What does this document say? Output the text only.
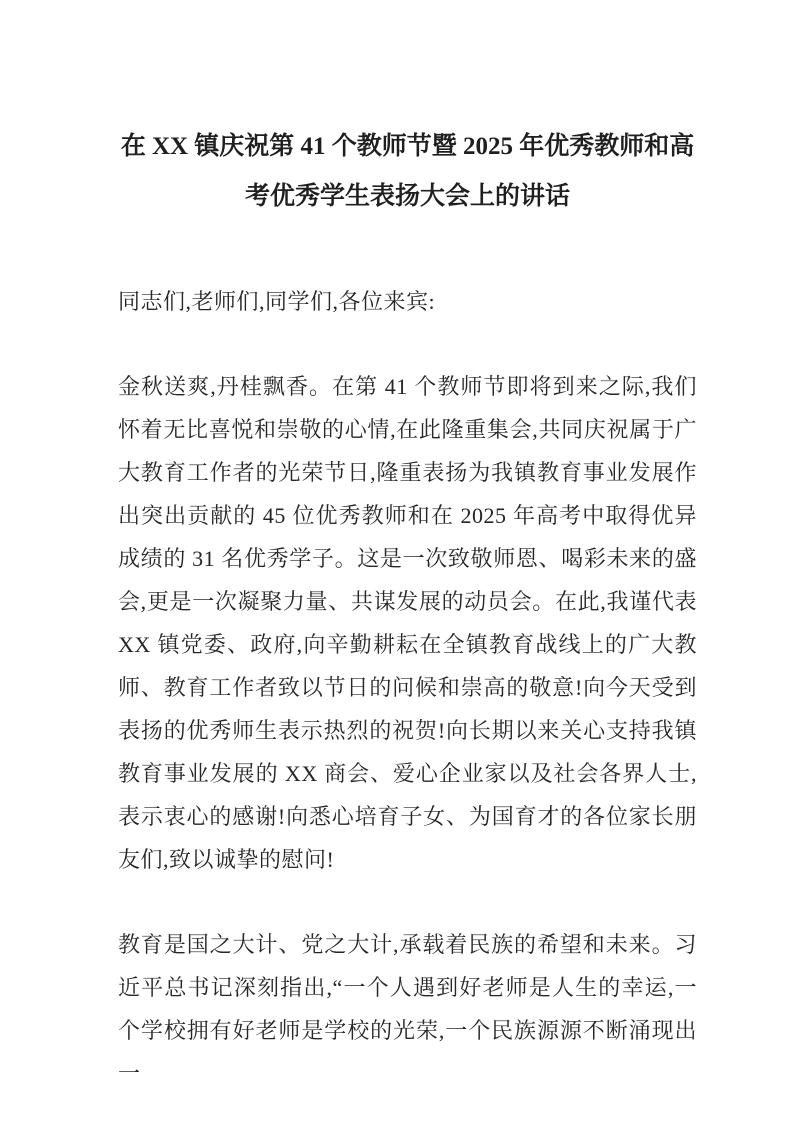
在 XX 镇庆祝第 41 个教师节暨 2025 年优秀教师和高
考优秀学生表扬大会上的讲话

同志们,老师们,同学们,各位来宾:

金秋送爽,丹桂飘香。在第 41 个教师节即将到来之际,我们怀着无比喜悦和崇敬的心情,在此隆重集会,共同庆祝属于广大教育工作者的光荣节日,隆重表扬为我镇教育事业发展作出突出贡献的 45 位优秀教师和在 2025 年高考中取得优异成绩的 31 名优秀学子。这是一次致敬师恩、喝彩未来的盛会,更是一次凝聚力量、共谋发展的动员会。在此,我谨代表 XX 镇党委、政府,向辛勤耕耘在全镇教育战线上的广大教师、教育工作者致以节日的问候和崇高的敬意!向今天受到表扬的优秀师生表示热烈的祝贺!向长期以来关心支持我镇教育事业发展的 XX 商会、爱心企业家以及社会各界人士,表示衷心的感谢!向悉心培育子女、为国育才的各位家长朋友们,致以诚挚的慰问!

教育是国之大计、党之大计,承载着民族的希望和未来。习近平总书记深刻指出,“一个人遇到好老师是人生的幸运,一个学校拥有好老师是学校的光荣,一个民族源源不断涌现出一
